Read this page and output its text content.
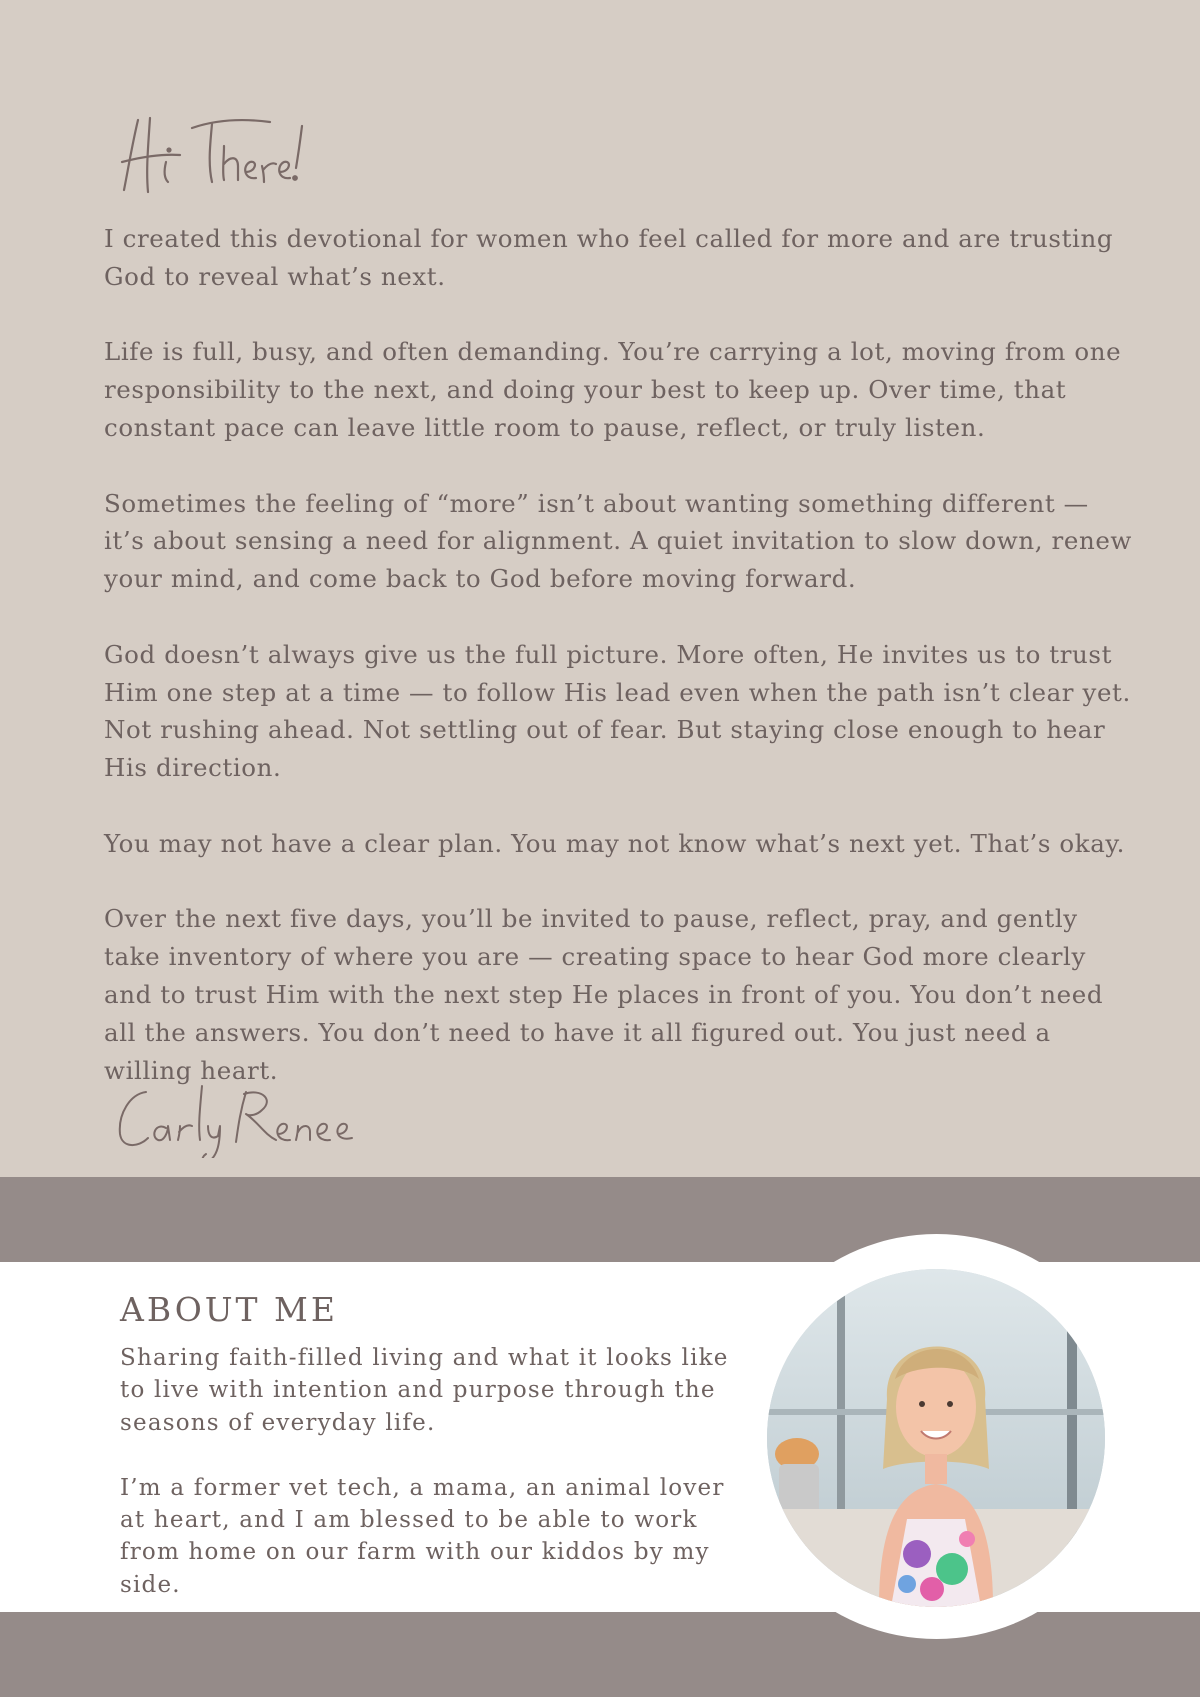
I created this devotional for women who feel called for more and are trusting God to reveal what’s next.

Life is full, busy, and often demanding. You’re carrying a lot, moving from one responsibility to the next, and doing your best to keep up. Over time, that constant pace can leave little room to pause, reflect, or truly listen.

Sometimes the feeling of “more” isn’t about wanting something different — it’s about sensing a need for alignment. A quiet invitation to slow down, renew your mind, and come back to God before moving forward.

God doesn’t always give us the full picture. More often, He invites us to trust Him one step at a time — to follow His lead even when the path isn’t clear yet. Not rushing ahead. Not settling out of fear. But staying close enough to hear His direction.

You may not have a clear plan. You may not know what’s next yet. That’s okay.

Over the next five days, you’ll be invited to pause, reflect, pray, and gently take inventory of where you are — creating space to hear God more clearly and to trust Him with the next step He places in front of you. You don’t need all the answers. You don’t need to have it all figured out. You just need a willing heart.

ABOUT ME

Sharing faith-filled living and what it looks like to live with intention and purpose through the seasons of everyday life.

I’m a former vet tech, a mama, an animal lover at heart, and I am blessed to be able to work from home on our farm with our kiddos by my side.
